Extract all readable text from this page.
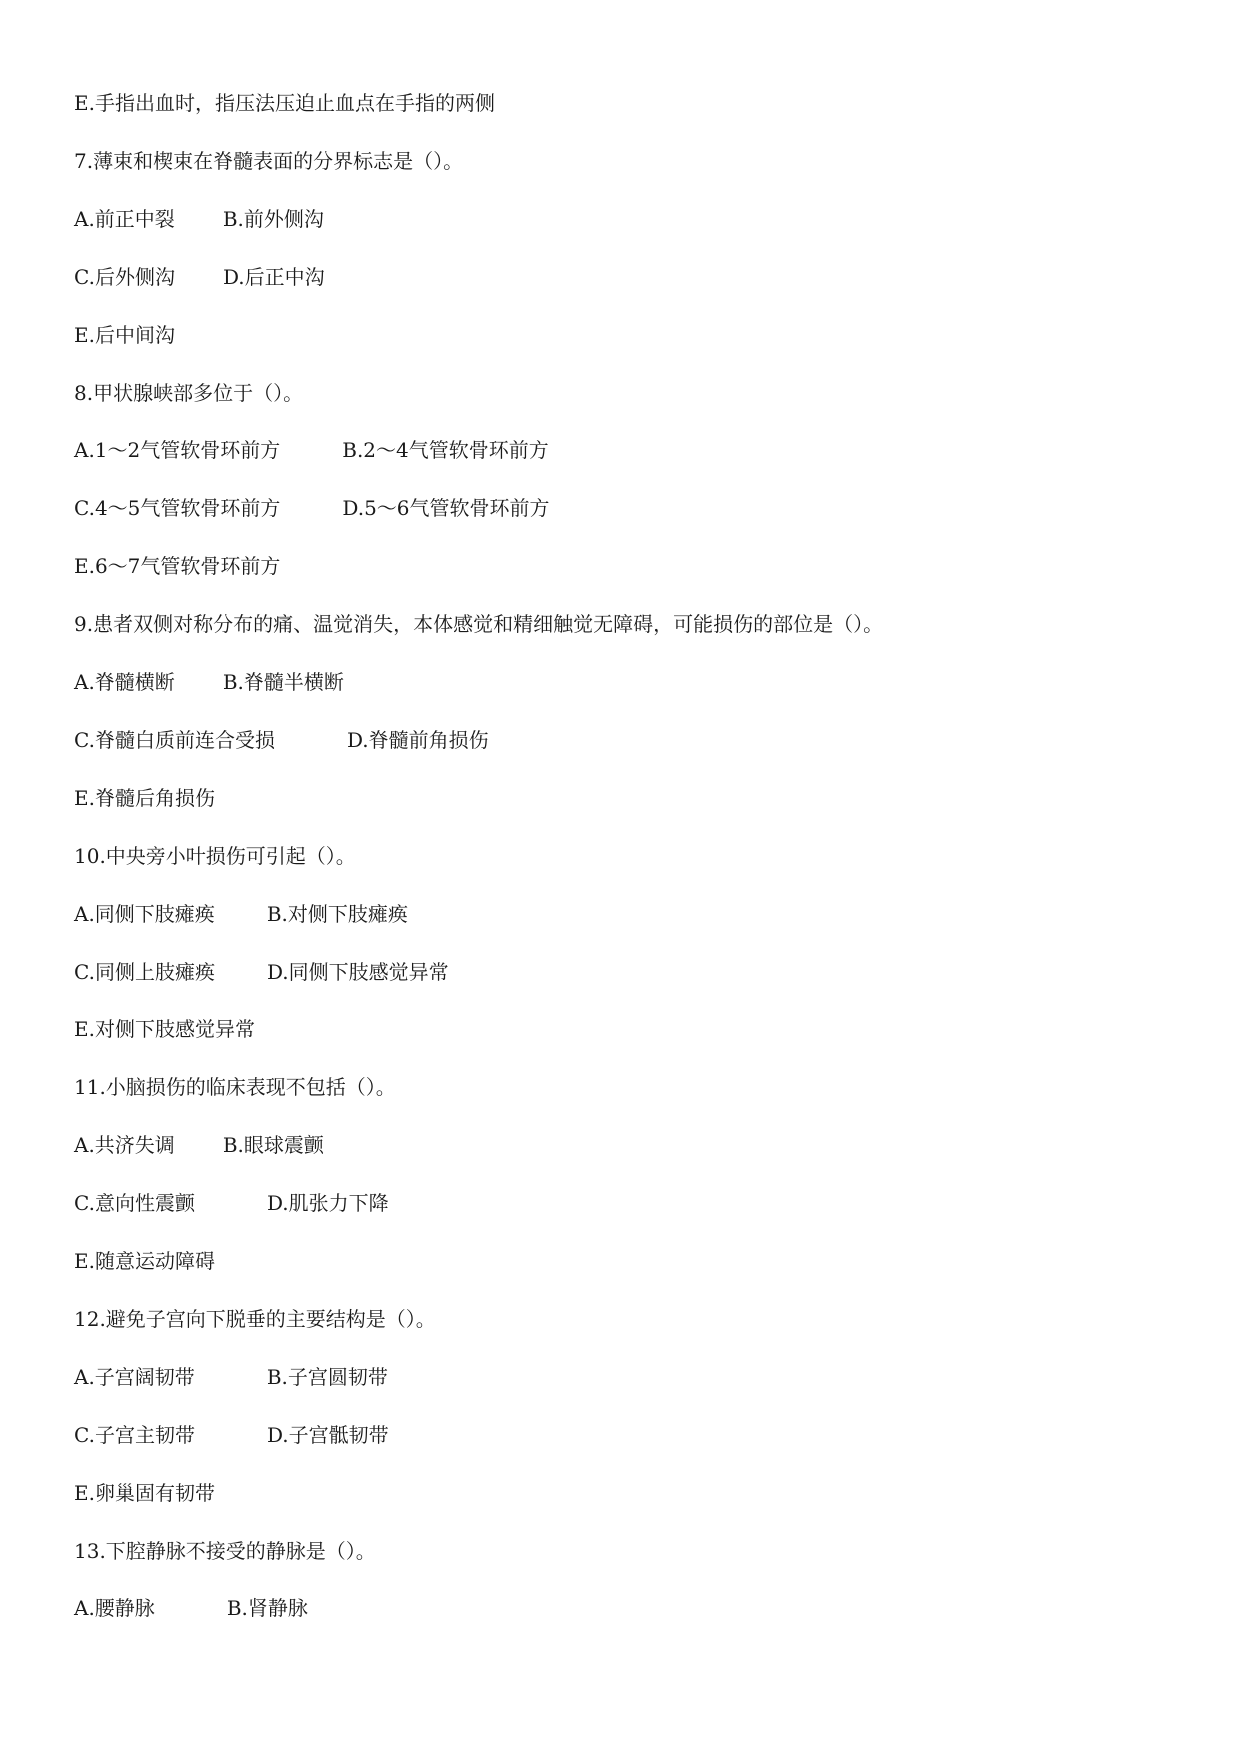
E.手指出血时，指压法压迫止血点在手指的两侧
7.薄束和楔束在脊髓表面的分界标志是（）。
A.前正中裂 B.前外侧沟
C.后外侧沟 D.后正中沟
E.后中间沟
8.甲状腺峡部多位于（）。
A.1～2气管软骨环前方	B.2～4气管软骨环前方
C.4～5气管软骨环前方	D.5～6气管软骨环前方
E.6～7气管软骨环前方
9.患者双侧对称分布的痛、温觉消失，本体感觉和精细触觉无障碍，可能损伤的部位是（）。
A.脊髓横断 B.脊髓半横断
C.脊髓白质前连合受损	D.脊髓前角损伤
E.脊髓后角损伤
10.中央旁小叶损伤可引起（）。
A.同侧下肢瘫痪	B.对侧下肢瘫痪
C.同侧上肢瘫痪	D.同侧下肢感觉异常
E.对侧下肢感觉异常
11.小脑损伤的临床表现不包括（）。
A.共济失调 B.眼球震颤
C.意向性震颤	D.肌张力下降
E.随意运动障碍
12.避免子宫向下脱垂的主要结构是（）。
A.子宫阔韧带	B.子宫圆韧带
C.子宫主韧带	D.子宫骶韧带
E.卵巢固有韧带
13.下腔静脉不接受的静脉是（）。
A.腰静脉	B.肾静脉
